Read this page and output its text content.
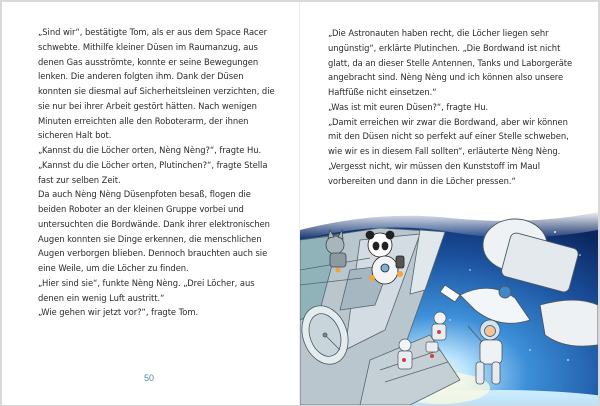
„Sind wir“, bestätigte Tom, als er aus dem Space Racer schwebte. Mithilfe kleiner Düsen im Raumanzug, aus denen Gas ausströmte, konnte er seine Bewegungen lenken. Die anderen folgten ihm. Dank der Düsen konnten sie diesmal auf Sicherheitsleinen verzichten, die sie nur bei ihrer Arbeit gestört hätten. Nach wenigen Minuten erreichten alle den Roboterarm, der ihnen sicheren Halt bot.

„Kannst du die Löcher orten, Nèng Nèng?“, fragte Hu.

„Kannst du die Löcher orten, Plutinchen?“, fragte Stella fast zur selben Zeit.

Da auch Nèng Nèng Düsenpfoten besaß, flogen die beiden Roboter an der kleinen Gruppe vorbei und untersuchten die Bordwände. Dank ihrer elektronischen Augen konnten sie Dinge erkennen, die menschlichen Augen verborgen blieben. Dennoch brauchten auch sie eine Weile, um die Löcher zu finden.

„Hier sind sie“, funkte Nèng Nèng. „Drei Löcher, aus denen ein wenig Luft austritt.“

„Wie gehen wir jetzt vor?“, fragte Tom.

50

„Die Astronauten haben recht, die Löcher liegen sehr ungünstig“, erklärte Plutinchen. „Die Bordwand ist nicht glatt, da an dieser Stelle Antennen, Tanks und Laborgeräte angebracht sind. Nèng Nèng und ich können also unsere Haftfüße nicht einsetzen.“

„Was ist mit euren Düsen?“, fragte Hu.

„Damit erreichen wir zwar die Bordwand, aber wir können mit den Düsen nicht so perfekt auf einer Stelle schweben, wie wir es in diesem Fall sollten“, erläuterte Nèng Nèng. „Vergesst nicht, wir müssen den Kunststoff im Maul vorbereiten und dann in die Löcher pressen.“
